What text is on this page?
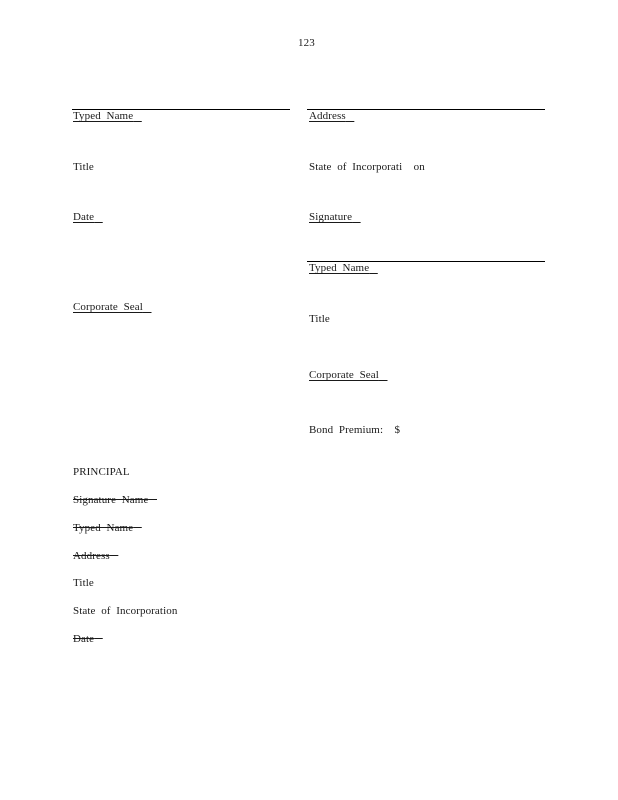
123
Typed  Name
Title
Date
Corporate  Seal
Address
State  of  Incorporati    on
Signature
Typed  Name
Title
Corporate  Seal
Bond  Premium:    $
PRINCIPAL
Signature  Name
Typed  Name
Address
Title
State  of  Incorporation
Date
